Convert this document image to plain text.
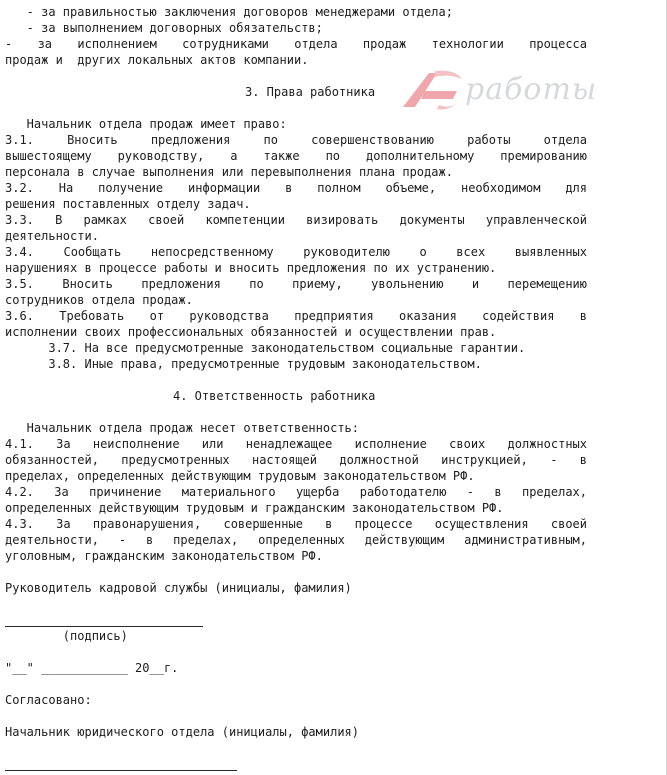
работы

- за правильностью заключения договоров менеджерами отдела;

- за выполнением договорных обязательств;

- за исполнением сотрудниками отдела продаж технологии процесса

продаж и  других локальных актов компании.

3. Права работника

Начальник отдела продаж имеет право:

3.1. Вносить предложения по совершенствованию работы отдела

вышестоящему руководству, а также по дополнительному премированию

персонала в случае выполнения или перевыполнения плана продаж.

3.2. На получение информации в полном объеме, необходимом для

решения поставленных отделу задач.

3.3. В рамках своей компетенции визировать документы управленческой

деятельности.

3.4. Сообщать непосредственному руководителю о всех выявленных

нарушениях в процессе работы и вносить предложения по их устранению.

3.5. Вносить предложения по приему, увольнению и перемещению

сотрудников отдела продаж.

3.6. Требовать от руководства предприятия оказания содействия в

исполнении своих профессиональных обязанностей и осуществлении прав.

3.7. На все предусмотренные законодательством социальные гарантии.

3.8. Иные права, предусмотренные трудовым законодательством.

4. Ответственность работника

Начальник отдела продаж несет ответственность:

4.1. За неисполнение или ненадлежащее исполнение своих должностных

обязанностей, предусмотренных настоящей должностной инструкцией, - в

пределах, определенных действующим трудовым законодательством РФ.

4.2. За причинение материального ущерба работодателю - в пределах,

определенных действующим трудовым и гражданским законодательством РФ.

4.3. За правонарушения, совершенные в процессе осуществления своей

деятельности, - в пределах, определенных действующим административным,

уголовным, гражданским законодательством РФ.

Руководитель кадровой службы (инициалы, фамилия)

(подпись)

"__" ____________ 20__г.

Согласовано:

Начальник юридического отдела (инициалы, фамилия)
